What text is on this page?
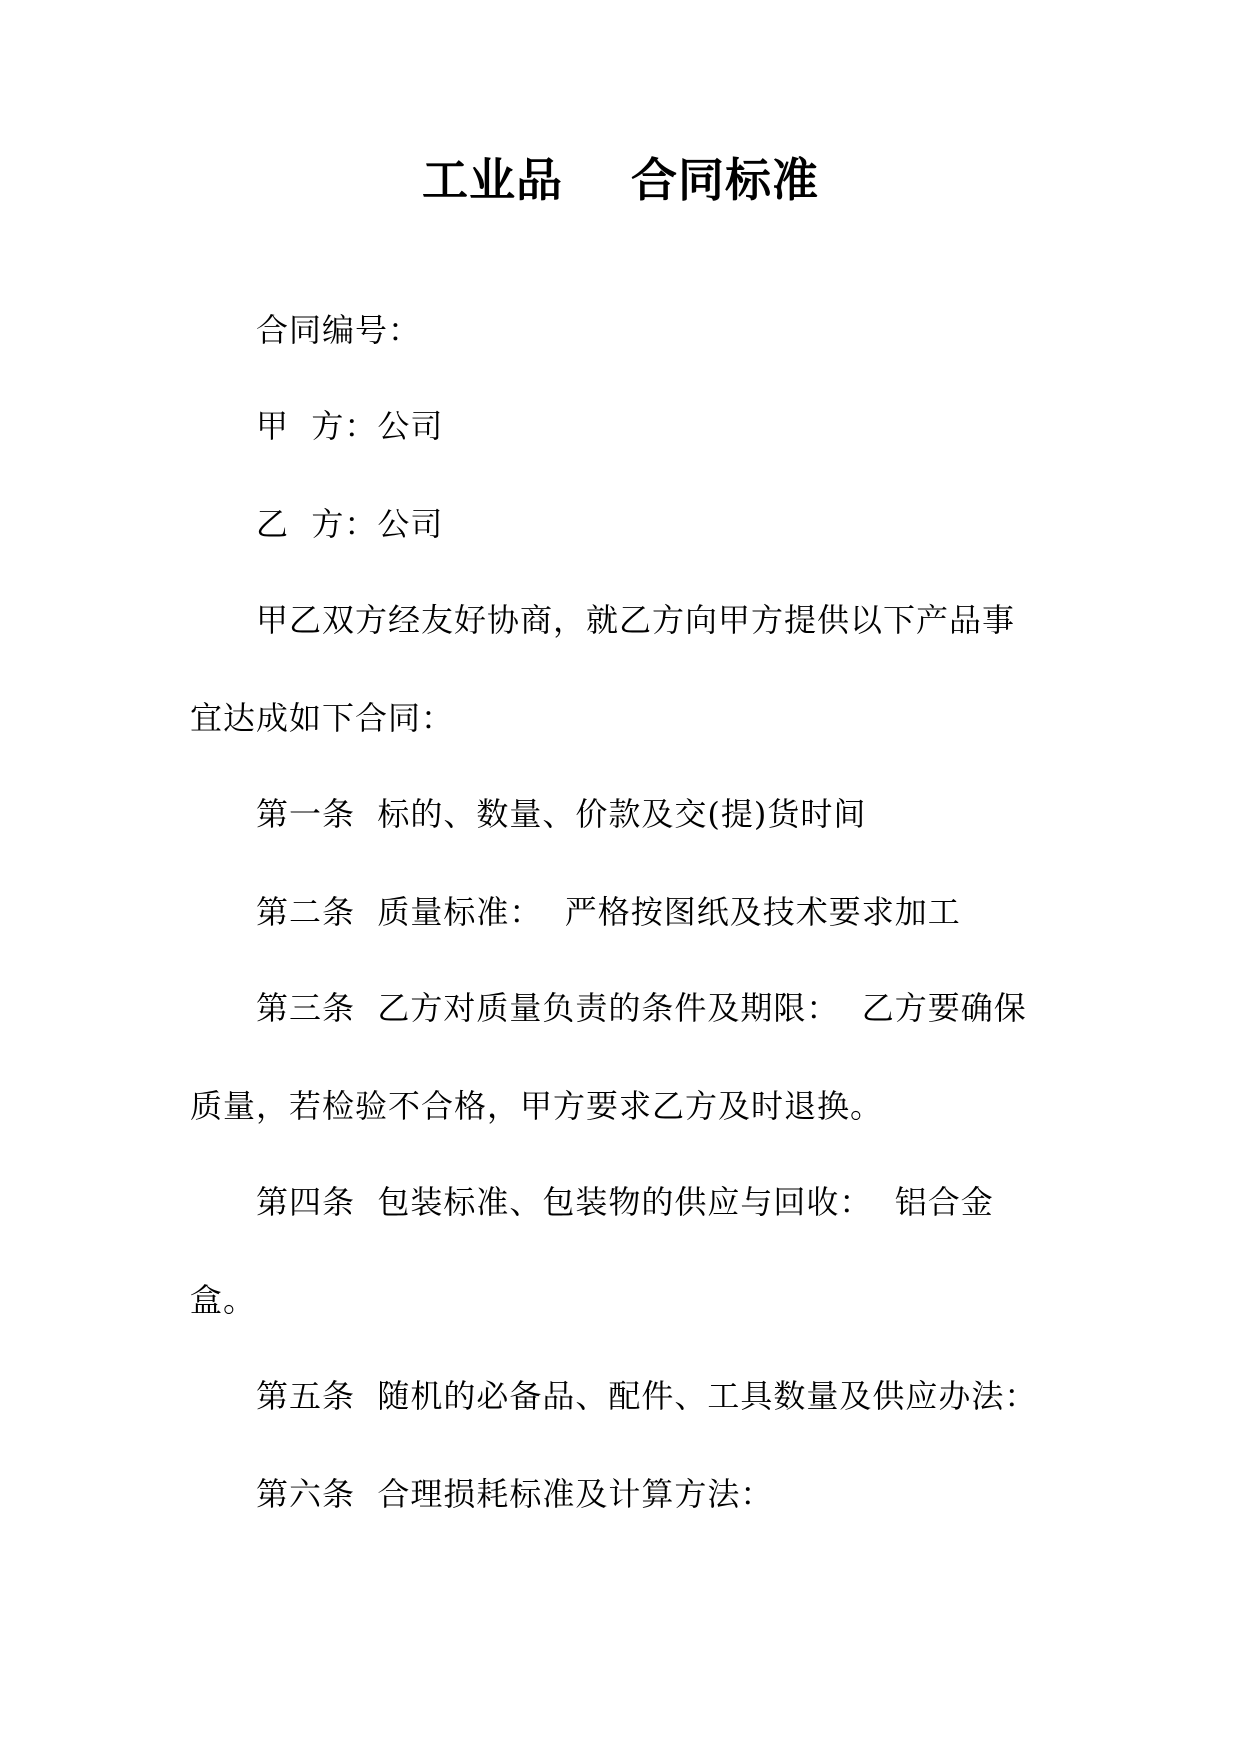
工业品    合同标准
合同编号：
甲  方：公司
乙  方：公司
甲乙双方经友好协商，就乙方向甲方提供以下产品事
宜达成如下合同：
第一条  标的、数量、价款及交(提)货时间
第二条  质量标准：  严格按图纸及技术要求加工
第三条  乙方对质量负责的条件及期限：  乙方要确保
质量，若检验不合格，甲方要求乙方及时退换。
第四条  包装标准、包装物的供应与回收：  铝合金
盒。
第五条  随机的必备品、配件、工具数量及供应办法：
第六条  合理损耗标准及计算方法：
